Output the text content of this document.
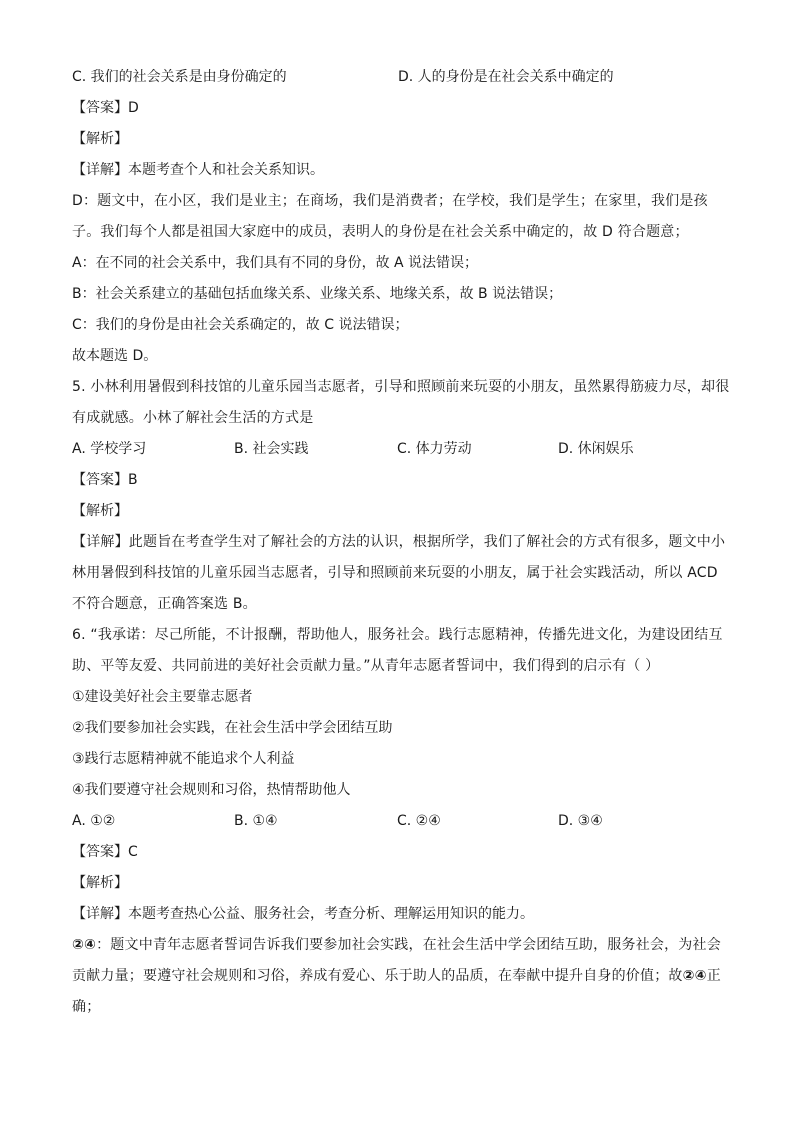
C. 我们的社会关系是由身份确定的	D. 人的身份是在社会关系中确定的
【答案】D
【解析】
【详解】本题考查个人和社会关系知识。
D：题文中，在小区，我们是业主；在商场，我们是消费者；在学校，我们是学生；在家里，我们是孩子。我们每个人都是祖国大家庭中的成员，表明人的身份是在社会关系中确定的，故 D 符合题意；
A：在不同的社会关系中，我们具有不同的身份，故 A 说法错误；
B：社会关系建立的基础包括血缘关系、业缘关系、地缘关系，故 B 说法错误；
C：我们的身份是由社会关系确定的，故 C 说法错误；
故本题选 D。
5. 小林利用暑假到科技馆的儿童乐园当志愿者，引导和照顾前来玩耍的小朋友，虽然累得筋疲力尽，却很有成就感。小林了解社会生活的方式是
A. 学校学习	B. 社会实践	C. 体力劳动	D. 休闲娱乐
【答案】B
【解析】
【详解】此题旨在考查学生对了解社会的方法的认识，根据所学，我们了解社会的方式有很多，题文中小林用暑假到科技馆的儿童乐园当志愿者，引导和照顾前来玩耍的小朋友，属于社会实践活动，所以 ACD 不符合题意，正确答案选 B。
6. “我承诺：尽己所能，不计报酬，帮助他人，服务社会。践行志愿精神，传播先进文化，为建设团结互助、平等友爱、共同前进的美好社会贡献力量。”从青年志愿者誓词中，我们得到的启示有（ ）
①建设美好社会主要靠志愿者
②我们要参加社会实践，在社会生活中学会团结互助
③践行志愿精神就不能追求个人利益
④我们要遵守社会规则和习俗，热情帮助他人
A. ①②	B. ①④	C. ②④	D. ③④
【答案】C
【解析】
【详解】本题考查热心公益、服务社会，考查分析、理解运用知识的能力。
②④：题文中青年志愿者誓词告诉我们要参加社会实践，在社会生活中学会团结互助，服务社会，为社会贡献力量；要遵守社会规则和习俗，养成有爱心、乐于助人的品质，在奉献中提升自身的价值；故②④正确；
